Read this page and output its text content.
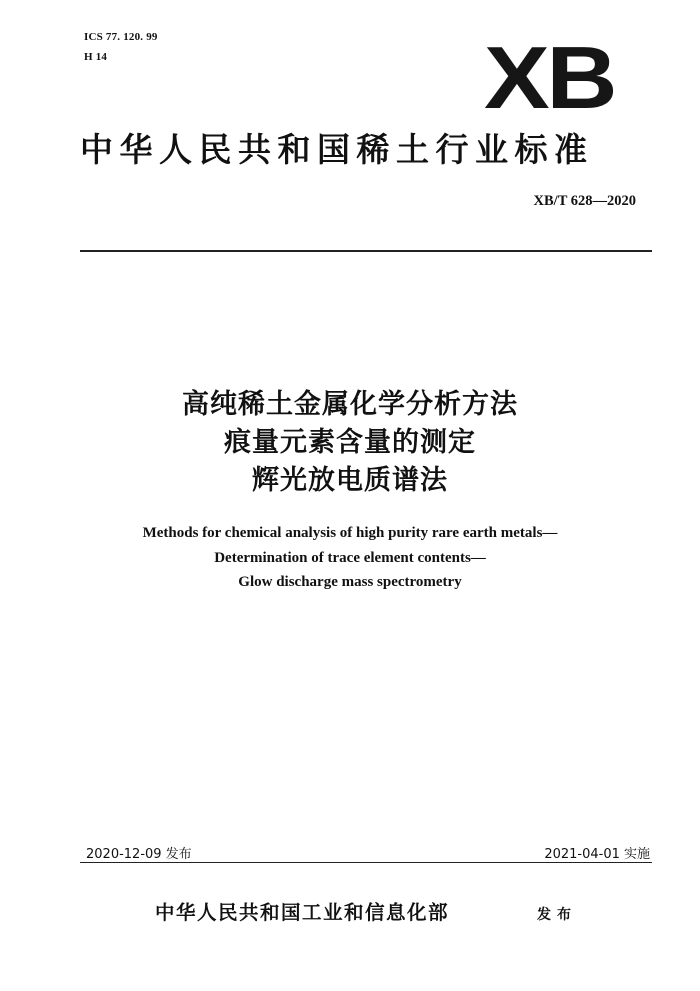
ICS 77. 120. 99
H 14	XB
中华人民共和国稀土行业标准
XB/T 628—2020
高纯稀土金属化学分析方法
痕量元素含量的测定
辉光放电质谱法
Methods for chemical analysis of high purity rare earth metals—
Determination of trace element contents—
Glow discharge mass spectrometry
2020-12-09 发布	2021-04-01 实施
中华人民共和国工业和信息化部	发布
